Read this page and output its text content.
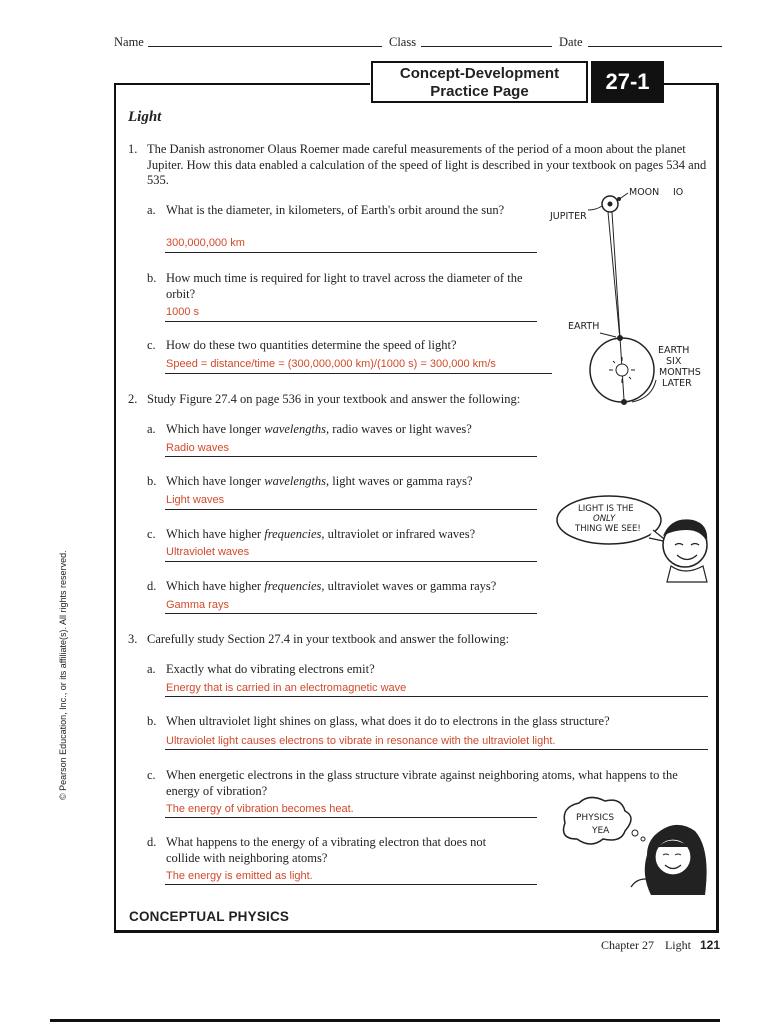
Name	Class	Date
Concept-Development
Practice Page	27-1
Light
1. The Danish astronomer Olaus Roemer made careful measurements of the period of a moon about the planet Jupiter. How this data enabled a calculation of the speed of light is described in your textbook on pages 534 and 535.
a. What is the diameter, in kilometers, of Earth's orbit around the sun?
300,000,000 km
b. How much time is required for light to travel across the diameter of the orbit?
1000 s
c. How do these two quantities determine the speed of light?
Speed = distance/time = (300,000,000 km)/(1000 s) = 300,000 km/s
2. Study Figure 27.4 on page 536 in your textbook and answer the following:
a. Which have longer wavelengths, radio waves or light waves?
Radio waves
b. Which have longer wavelengths, light waves or gamma rays?
Light waves
c. Which have higher frequencies, ultraviolet or infrared waves?
Ultraviolet waves
d. Which have higher frequencies, ultraviolet waves or gamma rays?
Gamma rays
3. Carefully study Section 27.4 in your textbook and answer the following:
a. Exactly what do vibrating electrons emit?
Energy that is carried in an electromagnetic wave
b. When ultraviolet light shines on glass, what does it do to electrons in the glass structure?
Ultraviolet light causes electrons to vibrate in resonance with the ultraviolet light.
c. When energetic electrons in the glass structure vibrate against neighboring atoms, what happens to the energy of vibration?
The energy of vibration becomes heat.
d. What happens to the energy of a vibrating electron that does not collide with neighboring atoms?
The energy is emitted as light.
MOON IO
JUPITER
EARTH
EARTH
SIX
MONTHS
LATER
LIGHT IS THE
ONLY
THING WE SEE!
PHYSICS
YEA
CONCEPTUAL PHYSICS
Chapter 27 Light 121
© Pearson Education, Inc., or its affiliate(s). All rights reserved.
